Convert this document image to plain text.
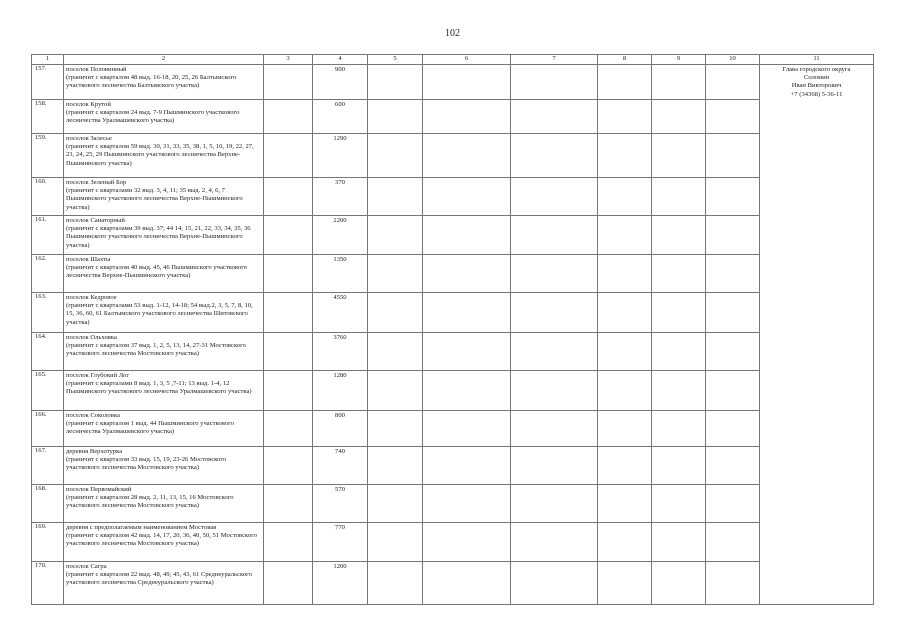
102
1	2	3	4	5	6	7	8	9	10	11
157.	поселок Половинный
(граничит с кварталом 48 выд. 16-18, 20, 25, 26 Балтымского участкового лесничества Балтымского участка)		900							Глава городского округа
Соломин
Иван Викторович
+7 (34368) 5-36-11
158.	поселок Крутой
(граничит с кварталом 24 выд. 7-9 Пышминского участкового лесничества Уралмашевского участка)		600							
159.	поселок Залесье
(граничит с кварталом 59 выд. 30, 31, 33, 35, 38, 1, 5, 10, 19, 22, 27, 23, 24, 25, 29 Пышминского участкового лесничества Верхне-Пышминского участка)		1290							
160.	поселок Зеленый Бор
(граничит с кварталами 32 выд. 3, 4, 11; 35 выд. 2, 4, 6, 7 Пышминского участкового лесничества Верхне-Пышминского участка)		370							
161.	поселок Санаторный
(граничит с кварталами 39 выд. 37; 44 14, 15, 21, 22, 33, 34, 35, 36 Пышминского участкового лесничества Верхне-Пышминского участка)		2200							
162.	поселок Шахты
(граничит с кварталом 40 выд. 45, 46 Пышминского участкового лесничества Верхне-Пышминского участка)		1350							
163.	поселок Кедровое
(граничит с кварталами 53 выд. 1-12, 14-18; 54 выд.2, 3, 5, 7, 8, 10, 15, 36, 60, 61 Балтымского участкового лесничества Шитовского участка)		4550							
164.	поселок Ольховка
(граничит с кварталом 37 выд. 1, 2, 5, 13, 14, 27-31 Мостовского участкового лесничества Мостовского участка)		3760							
165.	поселок Глубокий Лог
(граничит с кварталами 8 выд. 1, 3, 5 ,7-11; 13 выд. 1-4, 12 Пышминского участкового лесничества Уралмашевского участка)		1280							
166.	поселок Соколовка
(граничит с кварталом 1 выд. 44 Пышминского участкового лесничества Уралмашевского участка)		800							
167.	деревня Верхотурка
(граничит с кварталом 33 выд. 15, 19, 23-26 Мостовского участкового лесничества Мостовского участка)		740							
168.	поселок Первомайский
(граничит с кварталом 28 выд. 2, 11, 13, 15, 16 Мостовского участкового лесничества Мостовского участка)		570							
169.	деревня с предполагаемым наименованием Мостовая
(граничит с кварталом 42 выд. 14, 17, 20, 36, 40, 50, 51 Мостовского участкового лесничества Мостовского участка)		770							
170.	поселок Сагра
(граничит с кварталом 22 выд. 48, 49, 45, 43, 61 Среднеуральского участкового лесничества Среднеуральского участка)		1200							
